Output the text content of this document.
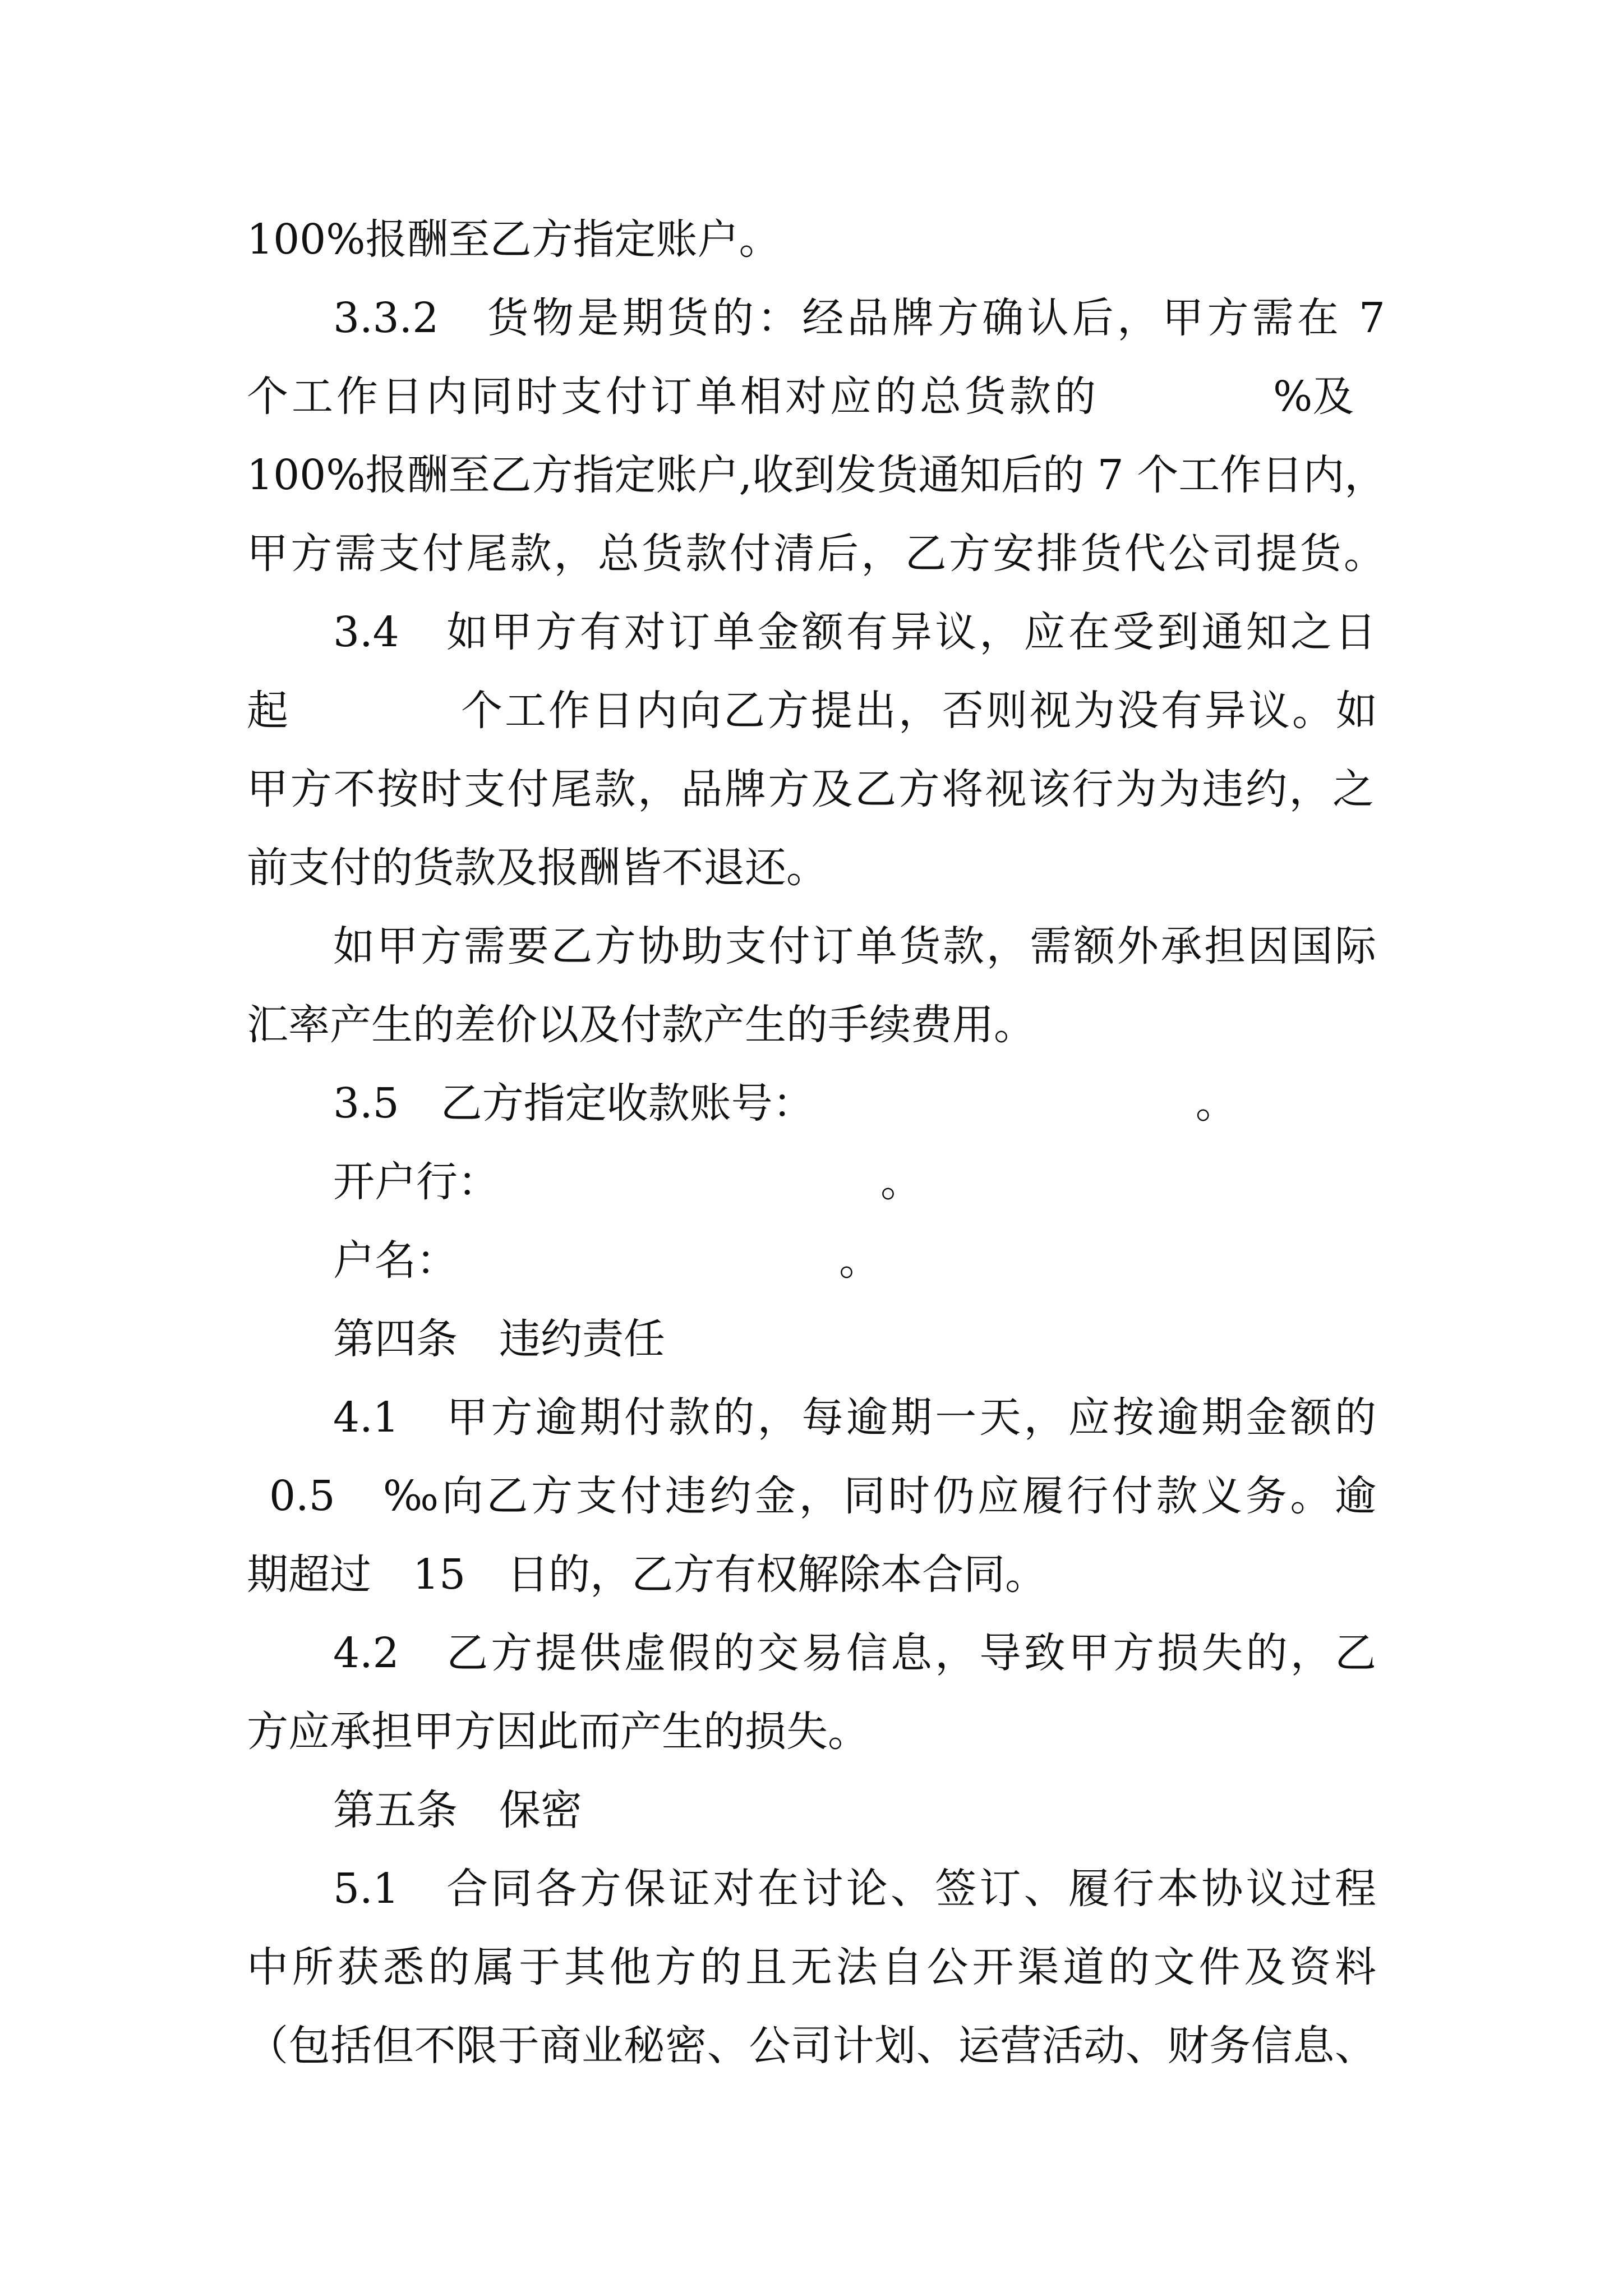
100%报酬至乙方指定账户。
3.3.2　货物是期货的：经品牌方确认后，甲方需在 7
个工作日内同时支付订单相对应的总货款的	%及
100%报酬至乙方指定账户,收到发货通知后的 7 个工作日内，
甲方需支付尾款，总货款付清后，乙方安排货代公司提货。
3.4　如甲方有对订单金额有异议，应在受到通知之日
起	个工作日内向乙方提出，否则视为没有异议。如
甲方不按时支付尾款，品牌方及乙方将视该行为为违约，之
前支付的货款及报酬皆不退还。
如甲方需要乙方协助支付订单货款，需额外承担因国际
汇率产生的差价以及付款产生的手续费用。
3.5　乙方指定收款账号：	。
开户行：	。
户名：	。
第四条　违约责任
4.1　甲方逾期付款的，每逾期一天，应按逾期金额的
0.5　‰向乙方支付违约金，同时仍应履行付款义务。逾
期超过　15　日的，乙方有权解除本合同。
4.2　乙方提供虚假的交易信息，导致甲方损失的，乙
方应承担甲方因此而产生的损失。
第五条　保密
5.1　合同各方保证对在讨论、签订、履行本协议过程
中所获悉的属于其他方的且无法自公开渠道的文件及资料
（包括但不限于商业秘密、公司计划、运营活动、财务信息、
